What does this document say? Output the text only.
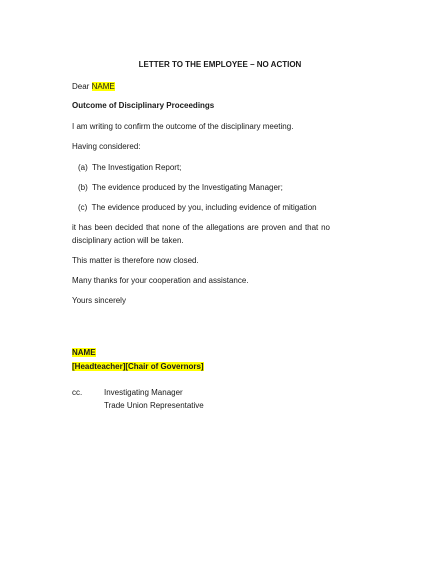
LETTER TO THE EMPLOYEE – NO ACTION
Dear NAME
Outcome of Disciplinary Proceedings
I am writing to confirm the outcome of the disciplinary meeting.
Having considered:
(a) The Investigation Report;
(b) The evidence produced by the Investigating Manager;
(c) The evidence produced by you, including evidence of mitigation
it has been decided that none of the allegations are proven and that no
disciplinary action will be taken.
This matter is therefore now closed.
Many thanks for your cooperation and assistance.
Yours sincerely
NAME
[Headteacher][Chair of Governors]
cc.	Investigating Manager
Trade Union Representative
